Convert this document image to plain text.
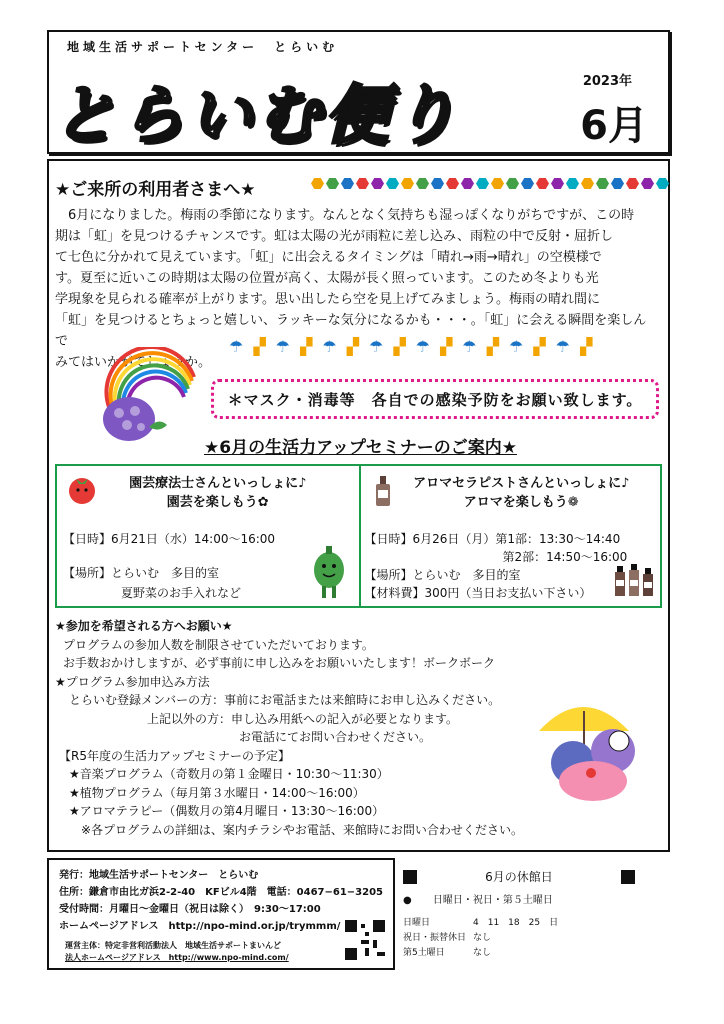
地域生活サポートセンター　とらいむ
とらいむ便り	2023年
6月
★ご来所の利用者さまへ★
6月になりました。梅雨の季節になります。なんとなく気持ちも湿っぽくなりがちですが、この時
期は「虹」を見つけるチャンスです。虹は太陽の光が雨粒に差し込み、雨粒の中で反射・屈折し
て七色に分かれて見えています。「虹」に出会えるタイミングは「晴れ→雨→晴れ」の空模様で
す。夏至に近いこの時期は太陽の位置が高く、太陽が長く照っています。このため冬よりも光
学現象を見られる確率が上がります。思い出したら空を見上げてみましょう。梅雨の晴れ間に
「虹」を見つけるとちょっと嬉しい、ラッキーな気分になるかも・・・。「虹」に会える瞬間を楽しんで
みてはいかがでしょうか。
☂ ▞ ☂ ▞ ☂ ▞ ☂ ▞ ☂ ▞ ☂ ▞ ☂ ▞ ☂ ▞
＊マスク・消毒等　各自での感染予防をお願い致します。
★6月の生活力アップセミナーのご案内★
園芸療法士さんといっしょに♪
園芸を楽しもう✿
【日時】6月21日（水）14:00〜16:00
【場所】とらいむ　多目的室
夏野菜のお手入れなど
アロマセラピストさんといっしょに♪
アロマを楽しもう❁
【日時】6月26日（月）第1部：13:30〜14:40
第2部：14:50〜16:00
【場所】とらいむ　多目的室
【材料費】300円（当日お支払い下さい）
★参加を希望される方へお願い★
プログラムの参加人数を制限させていただいております。
お手数おかけしますが、必ず事前に申し込みをお願いいたします！ボークボーク
★プログラム参加申込み方法
とらいむ登録メンバーの方：事前にお電話または来館時にお申し込みください。
上記以外の方：申し込み用紙への記入が必要となります。
お電話にてお問い合わせください。
【R5年度の生活力アップセミナーの予定】
★音楽プログラム（奇数月の第１金曜日・10:30〜11:30）
★植物プログラム（毎月第３水曜日・14:00〜16:00）
★アロマテラピー（偶数月の第4月曜日・13:30〜16:00）
※各プログラムの詳細は、案内チラシやお電話、来館時にお問い合わせください。
発行：地域生活サポートセンター　とらいむ
住所：鎌倉市由比ガ浜2-2-40　KFビル4階　電話：0467−61−3205
受付時間：月曜日〜金曜日（祝日は除く）　9:30〜17:00
ホームページアドレス　http://npo-mind.or.jp/trymmm/
運営主体：特定非営利活動法人　地域生活サポートまいんど
法人ホームページアドレス　http://www.npo-mind.com/
6月の休館日
● 日曜日・祝日・第５土曜日
日曜日	4　11　18　25　日
祝日・振替休日 なし
第5土曜日	なし
